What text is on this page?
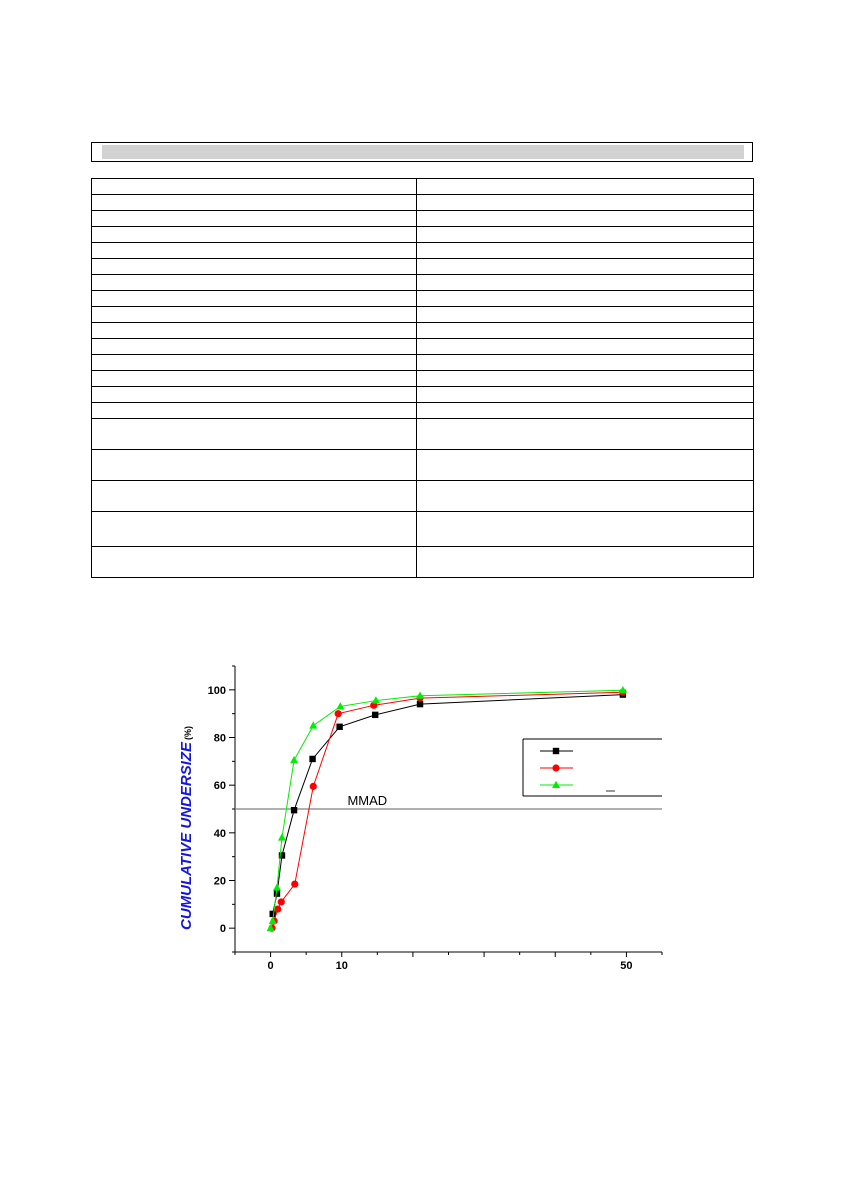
0
20
40
60
80
100
0	10	50
MMAD
CUMULATIVE UNDERSIZE
(%)
